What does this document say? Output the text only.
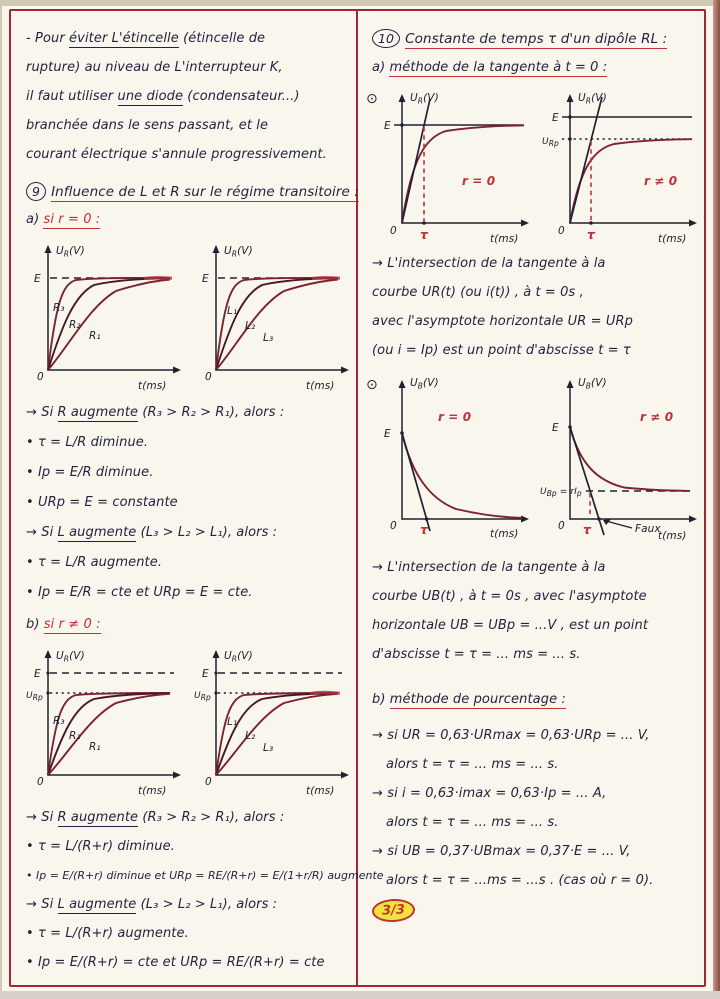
- Pour éviter L'étincelle (étincelle de
rupture) au niveau de L'interrupteur K,
il faut utiliser une diode (condensateur...)
branchée dans le sens passant, et le
courant électrique s'annule progressivement.
9 Influence de L et R sur le régime transitoire :
a) si r = 0 :
$U_R(V)$
E
R₃
R₂
R₁
0
t(ms)
$U_R(V)$
E
L₁
L₂
L₃
0
t(ms)
→ Si R augmente (R₃ > R₂ > R₁), alors :
• τ = L/R diminue.
• Ip = E/R diminue.
• URp = E = constante
→ Si L augmente (L₃ > L₂ > L₁), alors :
• τ = L/R augmente.
• Ip = E/R = cte et URp = E = cte.
b) si r ≠ 0 :
$U_R(V)$
E
$U_{Rp}$
R₃
R₂
R₁
0
t(ms)
$U_R(V)$
E
$U_{Rp}$
L₁
L₂
L₃
0
t(ms)
→ Si R augmente (R₃ > R₂ > R₁), alors :
• τ = L/(R+r) diminue.
• Ip = E/(R+r) diminue et URp = RE/(R+r) = E/(1+r/R) augmente
→ Si L augmente (L₃ > L₂ > L₁), alors :
• τ = L/(R+r) augmente.
• Ip = E/(R+r) = cte et URp = RE/(R+r) = cte
10 Constante de temps τ d'un dipôle RL :
a) méthode de la tangente à t = 0 :
⊙	$U_R(V)$
E
r = 0
τ
0
t(ms)
$U_R(V)$
E
$U_{Rp}$
r ≠ 0
τ
0
t(ms)
→ L'intersection de la tangente à la
courbe UR(t) (ou i(t)) , à t = 0s ,
avec l'asymptote horizontale UR = URp
(ou i = Ip) est un point d'abscisse t = τ
⊙	$U_B(V)$
r = 0
E
τ
0
t(ms)
$U_B(V)$
r ≠ 0
E
$U_{Bp} = rI_p$
τ	Faux
0
t(ms)
→ L'intersection de la tangente à la
courbe UB(t) , à t = 0s , avec l'asymptote
horizontale UB = UBp = ...V , est un point
d'abscisse t = τ = ... ms = ... s.
b) méthode de pourcentage :
→ si UR = 0,63·URmax = 0,63·URp = ... V,
alors t = τ = ... ms = ... s.
→ si i = 0,63·imax = 0,63·Ip = ... A,
alors t = τ = ... ms = ... s.
→ si UB = 0,37·UBmax = 0,37·E = ... V,
alors t = τ = ...ms = ...s . (cas où r = 0).
3/3
